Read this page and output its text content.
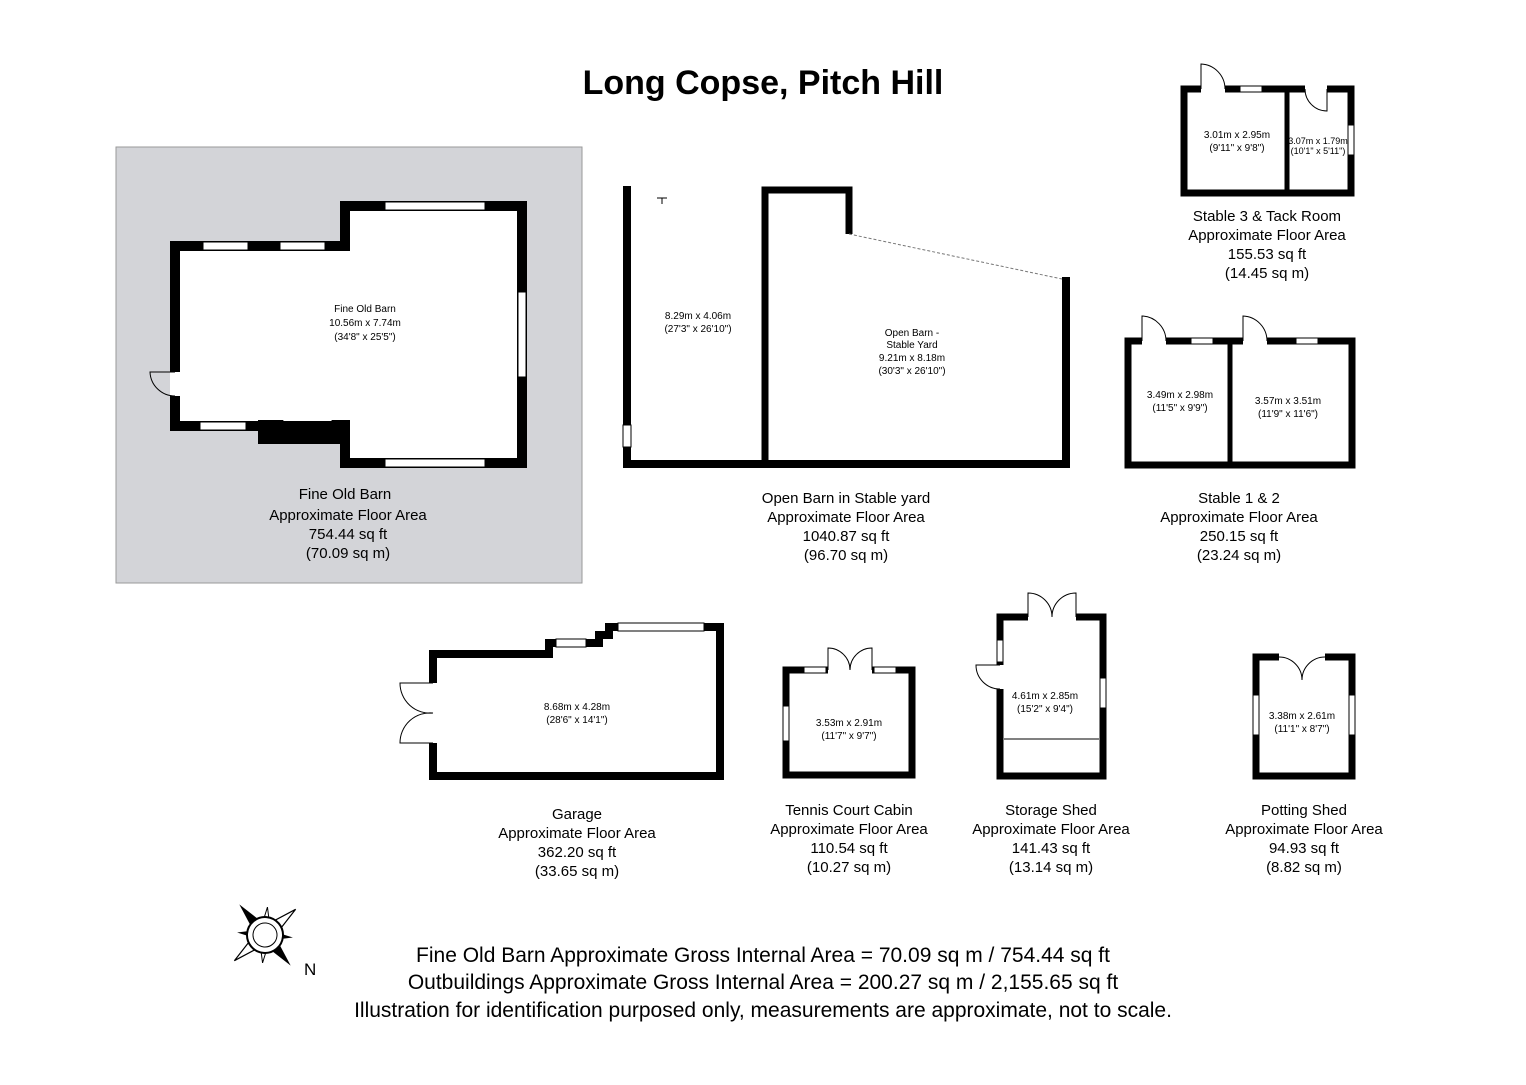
Long Copse, Pitch Hill
Fine Old Barn
10.56m x 7.74m
(34'8" x 25'5")
Fine Old Barn
Approximate Floor Area
754.44 sq ft
(70.09 sq m)
8.29m x 4.06m
(27'3" x 26'10")	Open Barn -
Stable Yard
9.21m x 8.18m
(30'3" x 26'10")
Open Barn in Stable yard
Approximate Floor Area
1040.87 sq ft
(96.70 sq m)
3.01m x 2.95m
(9'11" x 9'8")
3.07m x 1.79m
(10'1" x 5'11")
Stable 3 & Tack Room
Approximate Floor Area
155.53 sq ft
(14.45 sq m)
3.49m x 2.98m
(11'5" x 9'9")
3.57m x 3.51m
(11'9" x 11'6")
Stable 1 & 2
Approximate Floor Area
250.15 sq ft
(23.24 sq m)
8.68m x 4.28m
(28'6" x 14'1")
Garage
Approximate Floor Area
362.20 sq ft
(33.65 sq m)
3.53m x 2.91m
(11'7" x 9'7")
Tennis Court Cabin
Approximate Floor Area
110.54 sq ft
(10.27 sq m)
4.61m x 2.85m
(15'2" x 9'4")
Storage Shed
Approximate Floor Area
141.43 sq ft
(13.14 sq m)
3.38m x 2.61m
(11'1" x 8'7")
Potting Shed
Approximate Floor Area
94.93 sq ft
(8.82 sq m)
N
Fine Old Barn Approximate Gross Internal Area = 70.09 sq m / 754.44 sq ft
Outbuildings Approximate Gross Internal Area = 200.27 sq m / 2,155.65 sq ft
Illustration for identification purposed only, measurements are approximate, not to scale.
